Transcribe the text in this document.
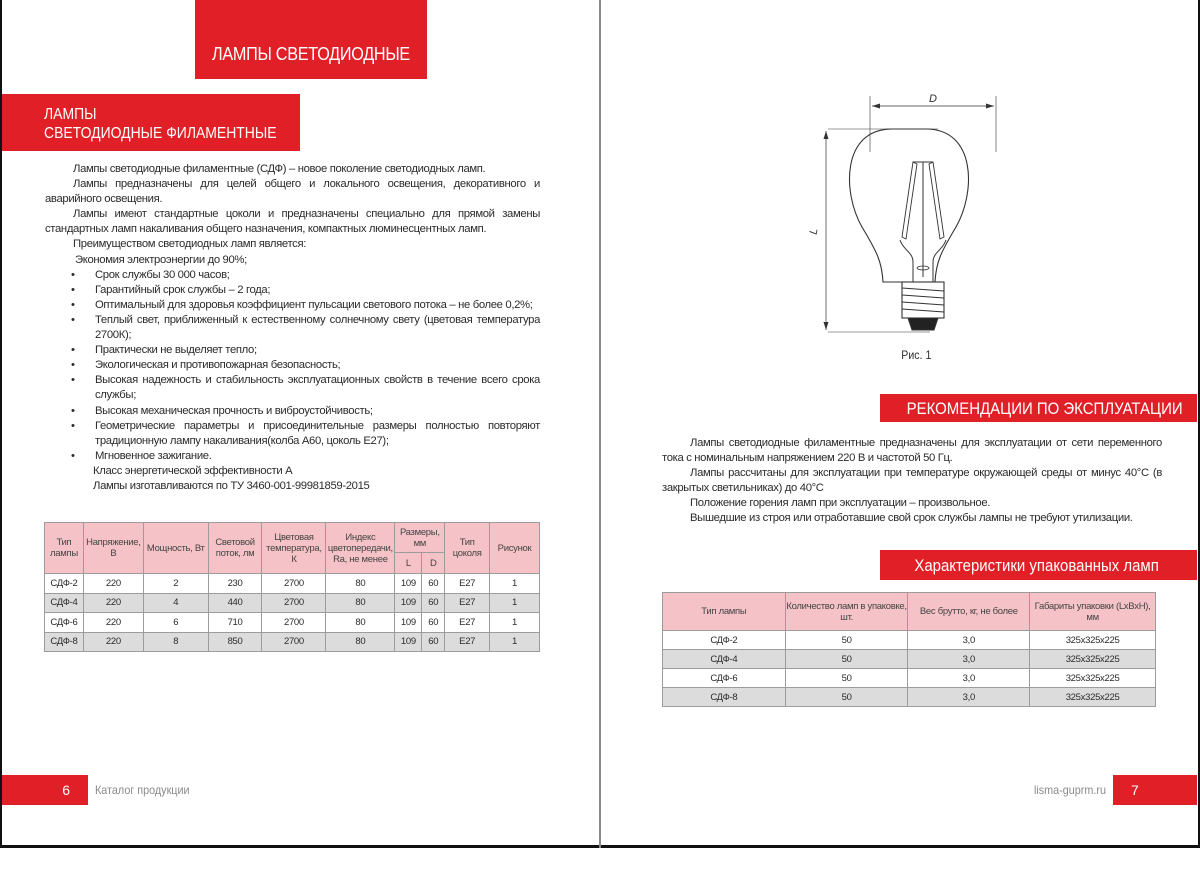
ЛАМПЫ СВЕТОДИОДНЫЕ
ЛАМПЫ
СВЕТОДИОДНЫЕ ФИЛАМЕНТНЫЕ

Лампы светодиодные филаментные (СДФ) – новое поколение светодиодных ламп.

Лампы предназначены для целей общего и локального освещения, декоративного и аварийного освещения.

Лампы имеют стандартные цоколи и предназначены специально для прямой замены стандартных ламп накаливания общего назначения, компактных люминесцентных ламп.

Преимуществом светодиодных ламп является:

Экономия электроэнергии до 90%;

• Срок службы 30 000 часов;
• Гарантийный срок службы – 2 года;
• Оптимальный для здоровья коэффициент пульсации светового потока – не более 0,2%;
• Теплый свет, приближенный к естественному солнечному свету (цветовая температура 2700К);
• Практически не выделяет тепло;
• Экологическая и противопожарная безопасность;
• Высокая надежность и стабильность эксплуатационных свойств в течение всего срока службы;
• Высокая механическая прочность и виброустойчивость;
• Геометрические параметры и присоединительные размеры полностью повторяют традиционную лампу накаливания(колба А60, цоколь Е27);
• Мгновенное зажигание.

Класс энергетической эффективности А

Лампы изготавливаются по ТУ 3460-001-99981859-2015

Тип лампы	Напряжение, В	Мощность, Вт	Световой поток, лм	Цветовая температура, К	Индекс цветопередачи, Ra, не менее	Размеры, мм		Тип цоколя	Рисунок
						L	D		
СДФ-2	220	2	230	2700	80	109	60	E27	1
СДФ-4	220	4	440	2700	80	109	60	E27	1
СДФ-6	220	6	710	2700	80	109	60	E27	1
СДФ-8	220	8	850	2700	80	109	60	E27	1
6 Каталог продукции
D
L
Рис. 1
РЕКОМЕНДАЦИИ ПО ЭКСПЛУАТАЦИИ

Лампы светодиодные филаментные предназначены для эксплуатации от сети переменного тока с номинальным напряжением 220 В и частотой 50 Гц.

Лампы рассчитаны для эксплуатации при температуре окружающей среды от минус 40°С (в закрытых светильниках) до 40°С

Положение горения ламп при эксплуатации – произвольное.

Вышедшие из строя или отработавшие свой срок службы лампы не требуют утилизации.

Характеристики упакованных ламп
Тип лампы	Количество ламп в упаковке, шт.	Вес брутто, кг, не более	Габариты упаковки (LxBxH), мм
СДФ-2	50	3,0	325x325x225
СДФ-4	50	3,0	325x325x225
СДФ-6	50	3,0	325x325x225
СДФ-8	50	3,0	325x325x225
lisma-guprm.ru 7
